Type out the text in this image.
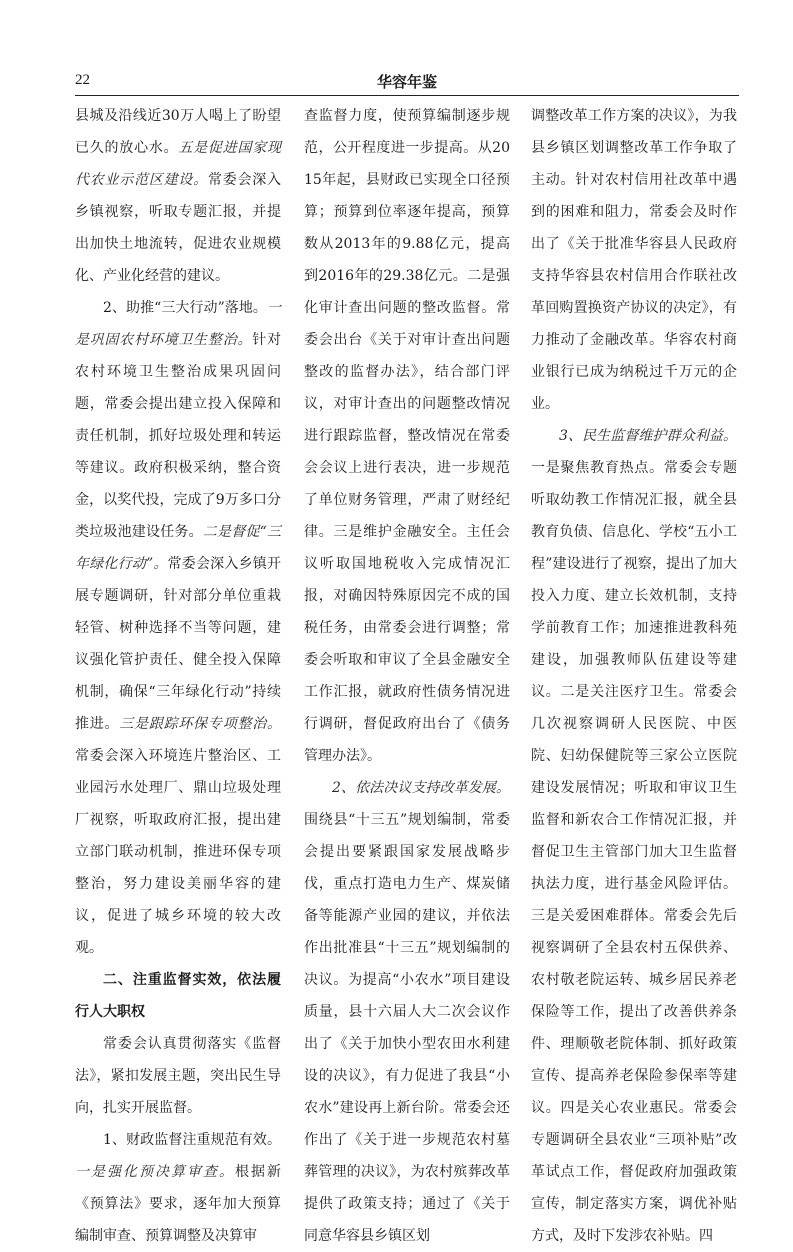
22	华容年鉴

县城及沿线近30万人喝上了盼望已久的放心水。五是促进国家现代农业示范区建设。常委会深入乡镇视察，听取专题汇报，并提出加快土地流转，促进农业规模化、产业化经营的建议。

2、助推“三大行动”落地。一是巩固农村环境卫生整治。针对农村环境卫生整治成果巩固问题，常委会提出建立投入保障和责任机制，抓好垃圾处理和转运等建议。政府积极采纳，整合资金，以奖代投，完成了9万多口分类垃圾池建设任务。二是督促“三年绿化行动”。常委会深入乡镇开展专题调研，针对部分单位重栽轻管、树种选择不当等问题，建议强化管护责任、健全投入保障机制，确保“三年绿化行动”持续推进。三是跟踪环保专项整治。常委会深入环境连片整治区、工业园污水处理厂、鼎山垃圾处理厂视察，听取政府汇报，提出建立部门联动机制，推进环保专项整治，努力建设美丽华容的建议，促进了城乡环境的较大改观。

二、注重监督实效，依法履行人大职权

常委会认真贯彻落实《监督法》，紧扣发展主题，突出民生导向，扎实开展监督。

1、财政监督注重规范有效。一是强化预决算审查。根据新《预算法》要求，逐年加大预算编制审查、预算调整及决算审

查监督力度，使预算编制逐步规范，公开程度进一步提高。从2015年起，县财政已实现全口径预算；预算到位率逐年提高，预算数从2013年的9.88亿元，提高到2016年的29.38亿元。二是强化审计查出问题的整改监督。常委会出台《关于对审计查出问题整改的监督办法》，结合部门评议，对审计查出的问题整改情况进行跟踪监督，整改情况在常委会会议上进行表决，进一步规范了单位财务管理，严肃了财经纪律。三是维护金融安全。主任会议听取国地税收入完成情况汇报，对确因特殊原因完不成的国税任务，由常委会进行调整；常委会听取和审议了全县金融安全工作汇报，就政府性债务情况进行调研，督促政府出台了《债务管理办法》。

2、依法决议支持改革发展。围绕县“十三五”规划编制，常委会提出要紧跟国家发展战略步伐，重点打造电力生产、煤炭储备等能源产业园的建议，并依法作出批准县“十三五”规划编制的决议。为提高“小农水”项目建设质量，县十六届人大二次会议作出了《关于加快小型农田水利建设的决议》，有力促进了我县“小农水”建设再上新台阶。常委会还作出了《关于进一步规范农村墓葬管理的决议》，为农村殡葬改革提供了政策支持；通过了《关于同意华容县乡镇区划

调整改革工作方案的决议》，为我县乡镇区划调整改革工作争取了主动。针对农村信用社改革中遇到的困难和阻力，常委会及时作出了《关于批准华容县人民政府支持华容县农村信用合作联社改革回购置换资产协议的决定》，有力推动了金融改革。华容农村商业银行已成为纳税过千万元的企业。

3、民生监督维护群众利益。一是聚焦教育热点。常委会专题听取幼教工作情况汇报，就全县教育负债、信息化、学校“五小工程”建设进行了视察，提出了加大投入力度、建立长效机制，支持学前教育工作；加速推进教科苑建设，加强教师队伍建设等建议。二是关注医疗卫生。常委会几次视察调研人民医院、中医院、妇幼保健院等三家公立医院建设发展情况；听取和审议卫生监督和新农合工作情况汇报，并督促卫生主管部门加大卫生监督执法力度，进行基金风险评估。三是关爱困难群体。常委会先后视察调研了全县农村五保供养、农村敬老院运转、城乡居民养老保险等工作，提出了改善供养条件、理顺敬老院体制、抓好政策宣传、提高养老保险参保率等建议。四是关心农业惠民。常委会专题调研全县农业“三项补贴”改革试点工作，督促政府加强政策宣传，制定落实方案，调优补贴方式，及时下发涉农补贴。四
